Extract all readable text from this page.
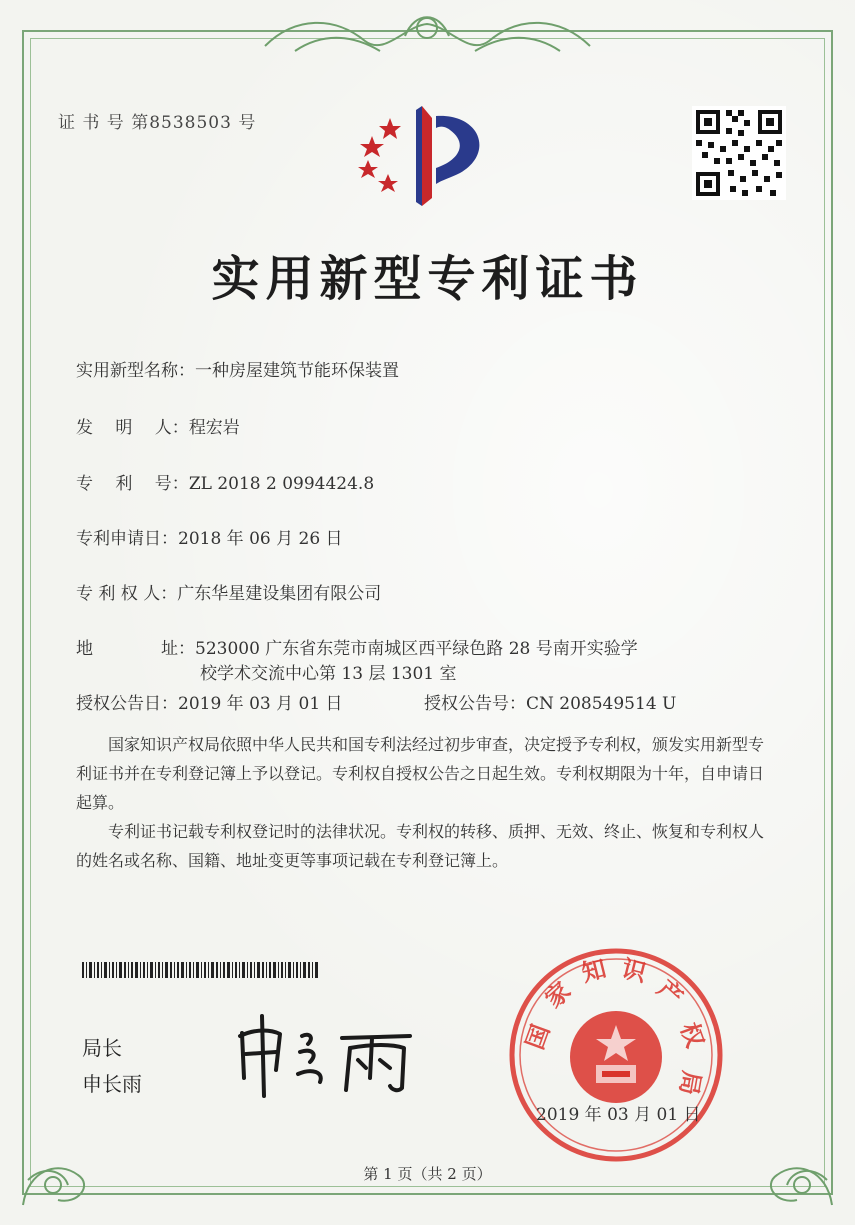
证 书 号 第8538503 号
实用新型专利证书
实用新型名称：一种房屋建筑节能环保装置
发　 明　 人：程宏岩
专　 利　 号：ZL 2018 2 0994424.8
专利申请日：2018 年 06 月 26 日
专 利 权 人：广东华星建设集团有限公司
地　　　　址：523000 广东省东莞市南城区西平绿色路 28 号南开实验学
校学术交流中心第 13 层 1301 室
授权公告日：2019 年 03 月 01 日	授权公告号：CN 208549514 U
国家知识产权局依照中华人民共和国专利法经过初步审查，决定授予专利权，颁发实用新型专利证书并在专利登记簿上予以登记。专利权自授权公告之日起生效。专利权期限为十年，自申请日起算。
专利证书记载专利权登记时的法律状况。专利权的转移、质押、无效、终止、恢复和专利权人的姓名或名称、国籍、地址变更等事项记载在专利登记簿上。
局长
申长雨
国
家
知 识
产
权
局
2019 年 03 月 01 日
第 1 页（共 2 页）
